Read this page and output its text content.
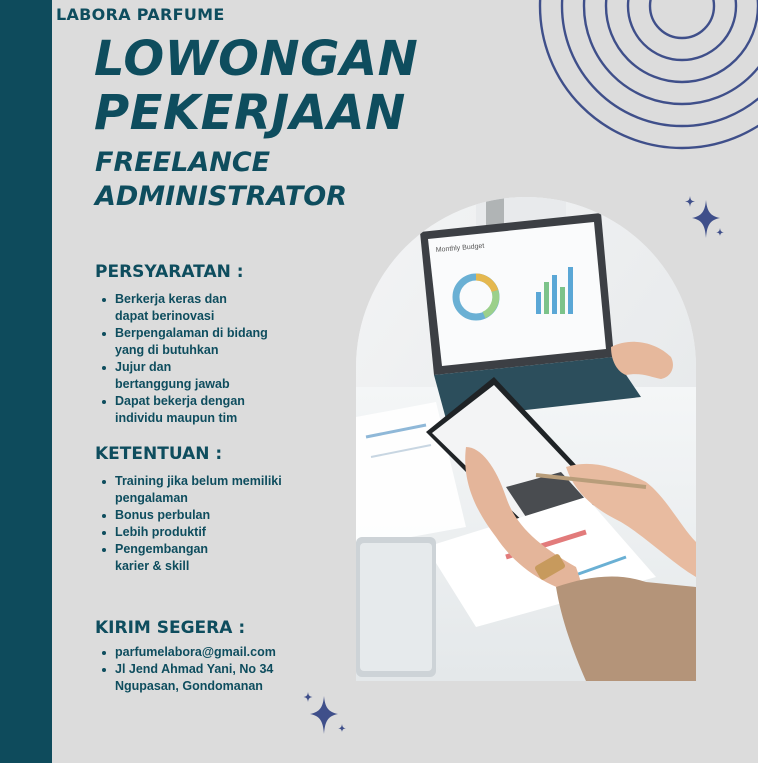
LABORA PARFUME
LOWONGAN
PEKERJAAN
FREELANCE
ADMINISTRATOR
PERSYARATAN :
Berkerja keras dan
dapat berinovasi
Berpengalaman di bidang
yang di butuhkan
Jujur dan
bertanggung jawab
Dapat bekerja dengan
individu maupun tim
KETENTUAN :
Training jika belum memiliki
pengalaman
Bonus perbulan
Lebih produktif
Pengembangan
karier & skill
KIRIM SEGERA :
parfumelabora@gmail.com
Jl Jend Ahmad Yani, No 34
Ngupasan, Gondomanan
Monthly Budget
